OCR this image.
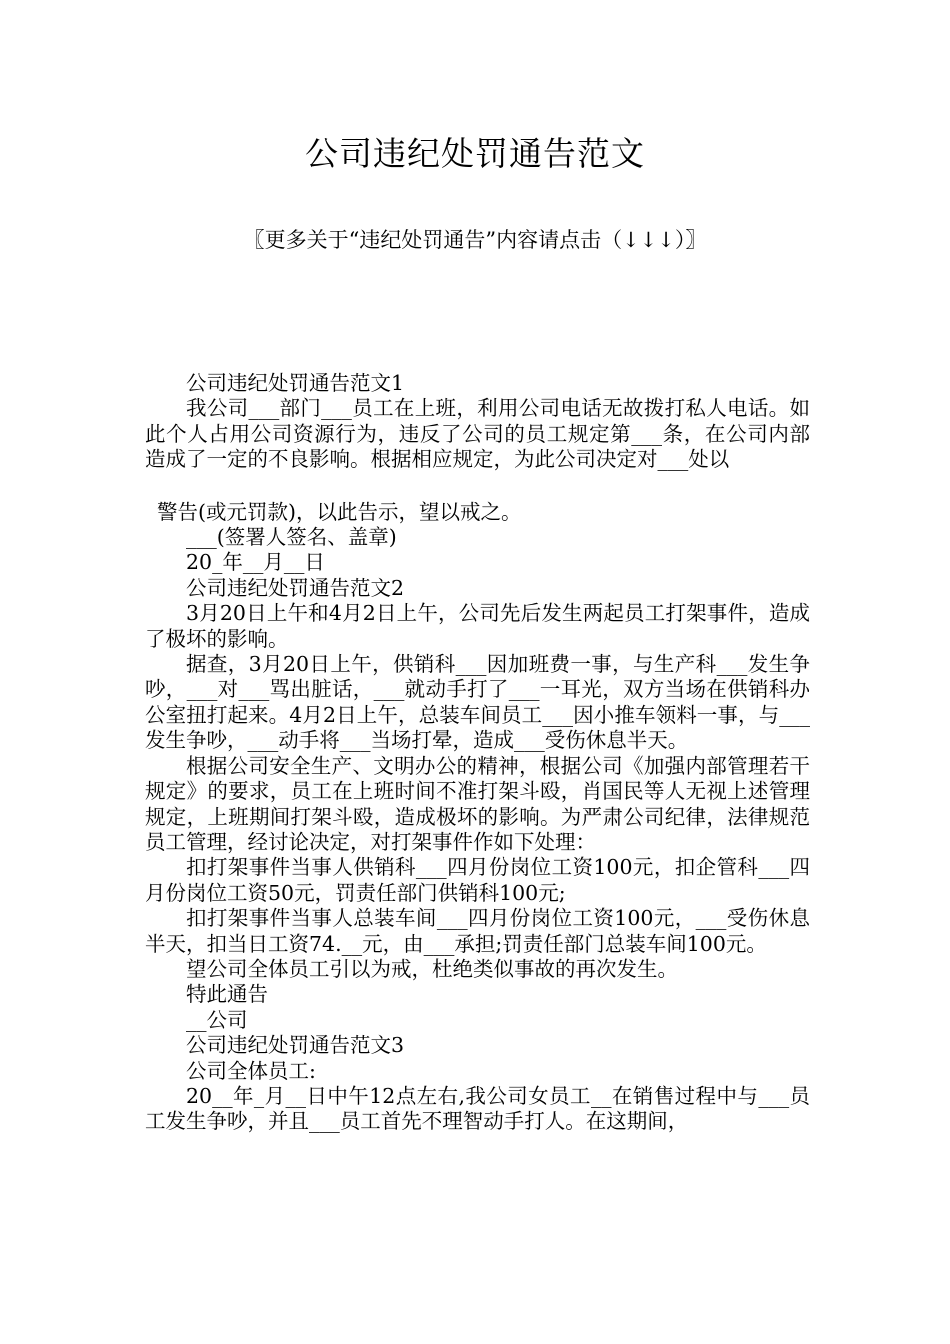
公司违纪处罚通告范文
〖更多关于“违纪处罚通告”内容请点击（↓↓↓）〗

公司违纪处罚通告范文1

我公司___部门___员工在上班，利用公司电话无故拨打私人电话。如此个人占用公司资源行为，违反了公司的员工规定第___条，在公司内部造成了一定的不良影响。根据相应规定，为此公司决定对___处以

警告(或元罚款)，以此告示，望以戒之。

___(签署人签名、盖章)

20_年__月__日

公司违纪处罚通告范文2

3月20日上午和4月2日上午，公司先后发生两起员工打架事件，造成了极坏的影响。

据查，3月20日上午，供销科___因加班费一事，与生产科___发生争吵，___对___骂出脏话，___就动手打了___一耳光，双方当场在供销科办公室扭打起来。4月2日上午，总装车间员工___因小推车领料一事，与___发生争吵，___动手将___当场打晕，造成___受伤休息半天。

根据公司安全生产、文明办公的精神，根据公司《加强内部管理若干规定》的要求，员工在上班时间不准打架斗殴，肖国民等人无视上述管理规定，上班期间打架斗殴，造成极坏的影响。为严肃公司纪律，法律规范员工管理，经讨论决定，对打架事件作如下处理：

扣打架事件当事人供销科___四月份岗位工资100元，扣企管科___四月份岗位工资50元，罚责任部门供销科100元;

扣打架事件当事人总装车间___四月份岗位工资100元，___受伤休息半天，扣当日工资74.__元，由___承担;罚责任部门总装车间100元。

望公司全体员工引以为戒，杜绝类似事故的再次发生。

特此通告

__公司

公司违纪处罚通告范文3

公司全体员工:

20__年_月__日中午12点左右,我公司女员工__在销售过程中与___员工发生争吵，并且___员工首先不理智动手打人。在这期间，
